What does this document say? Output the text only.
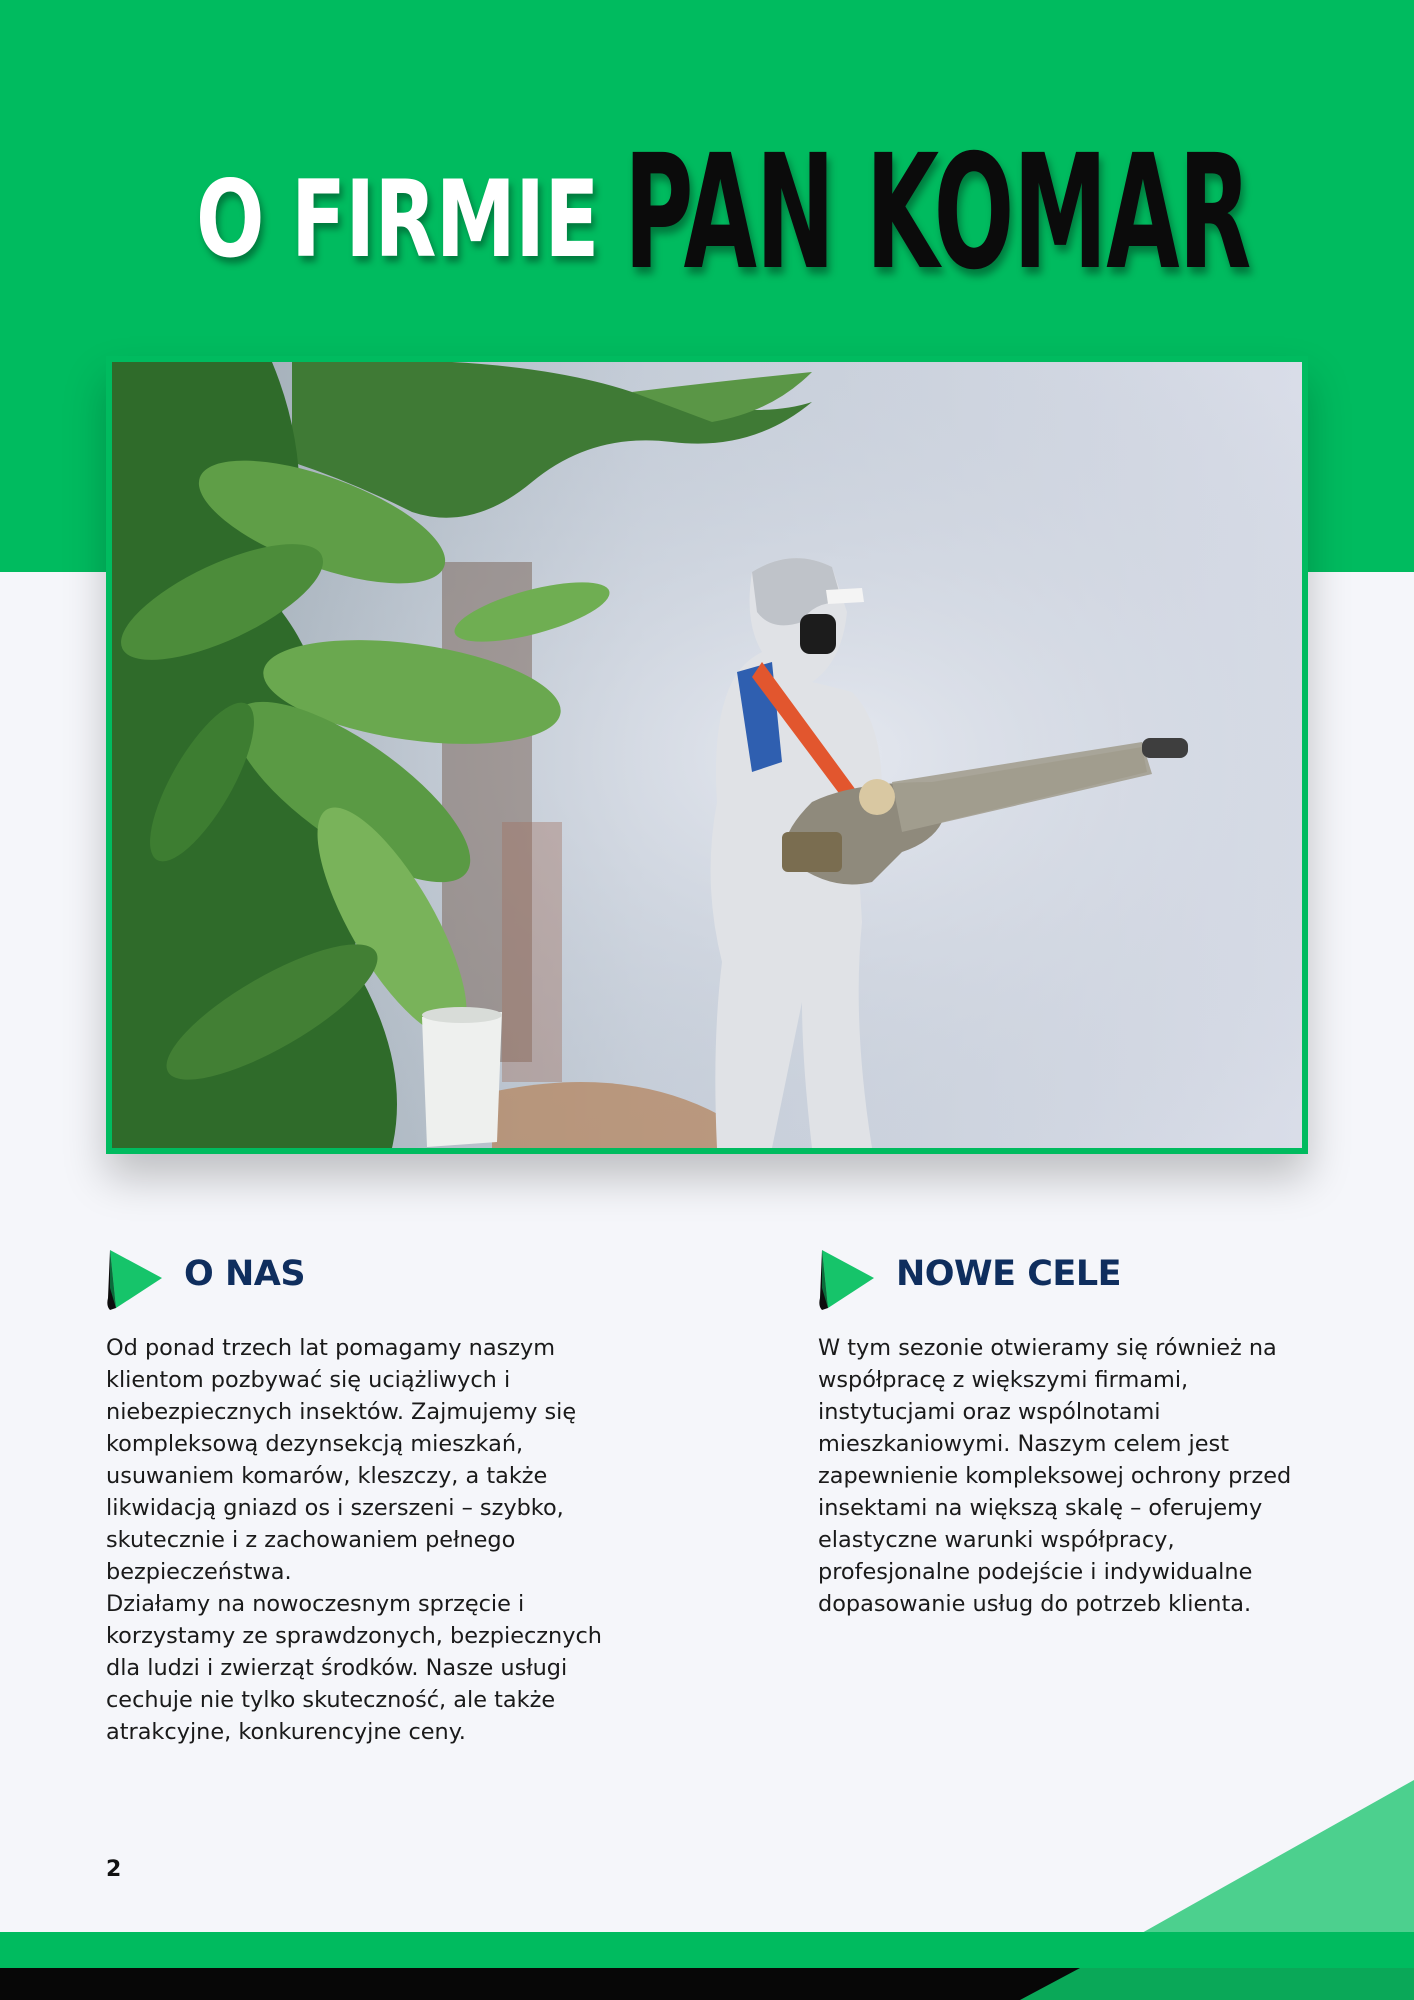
O FIRMIE PAN KOMAR
O NAS

Od ponad trzech lat pomagamy naszym klientom pozbywać się uciążliwych i niebezpiecznych insektów. Zajmujemy się kompleksową dezynsekcją mieszkań, usuwaniem komarów, kleszczy, a także likwidacją gniazd os i szerszeni – szybko, skutecznie i z zachowaniem pełnego bezpieczeństwa.

Działamy na nowoczesnym sprzęcie i korzystamy ze sprawdzonych, bezpiecznych dla ludzi i zwierząt środków. Nasze usługi cechuje nie tylko skuteczność, ale także atrakcyjne, konkurencyjne ceny.

NOWE CELE

W tym sezonie otwieramy się również na współpracę z większymi firmami, instytucjami oraz wspólnotami mieszkaniowymi. Naszym celem jest zapewnienie kompleksowej ochrony przed insektami na większą skalę – oferujemy elastyczne warunki współpracy, profesjonalne podejście i indywidualne dopasowanie usług do potrzeb klienta.

2
